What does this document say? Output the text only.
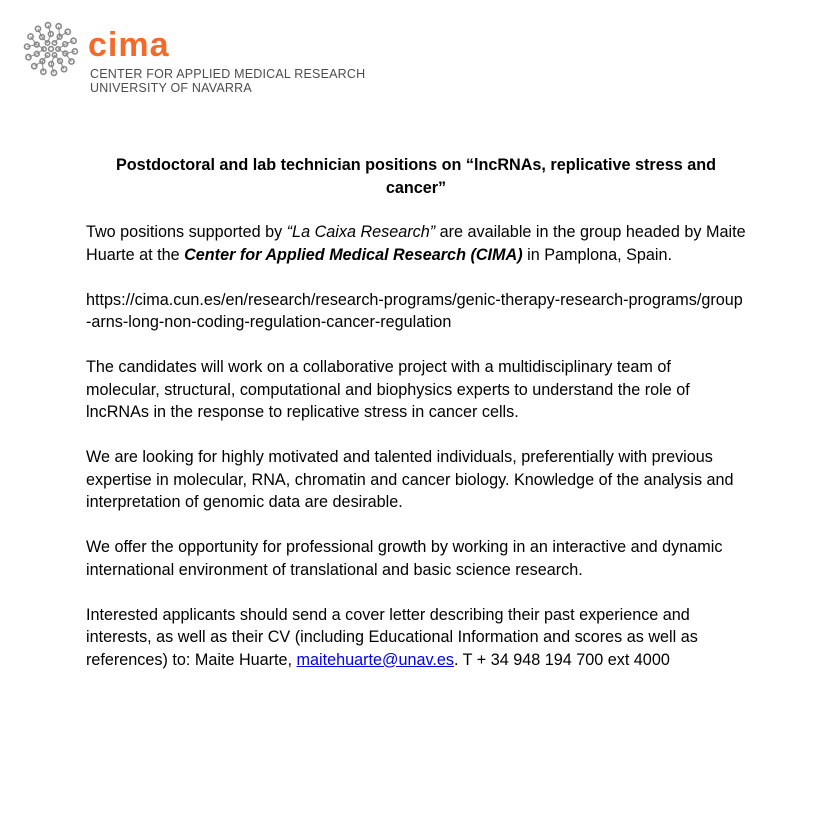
cima
CENTER FOR APPLIED MEDICAL RESEARCH
UNIVERSITY OF NAVARRA
Postdoctoral and lab technician positions on “lncRNAs, replicative stress and cancer”

Two positions supported by “La Caixa Research” are available in the group headed by Maite Huarte at the Center for Applied Medical Research (CIMA) in Pamplona, Spain.

https://cima.cun.es/en/research/research-programs/genic-therapy-research-programs/group-arns-long-non-coding-regulation-cancer-regulation

The candidates will work on a collaborative project with a multidisciplinary team of molecular, structural, computational and biophysics experts to understand the role of lncRNAs in the response to replicative stress in cancer cells.

We are looking for highly motivated and talented individuals, preferentially with previous expertise in molecular, RNA, chromatin and cancer biology. Knowledge of the analysis and interpretation of genomic data are desirable.

We offer the opportunity for professional growth by working in an interactive and dynamic international environment of translational and basic science research.

Interested applicants should send a cover letter describing their past experience and interests, as well as their CV (including Educational Information and scores as well as references) to: Maite Huarte, maitehuarte@unav.es. T + 34 948 194 700 ext 4000
